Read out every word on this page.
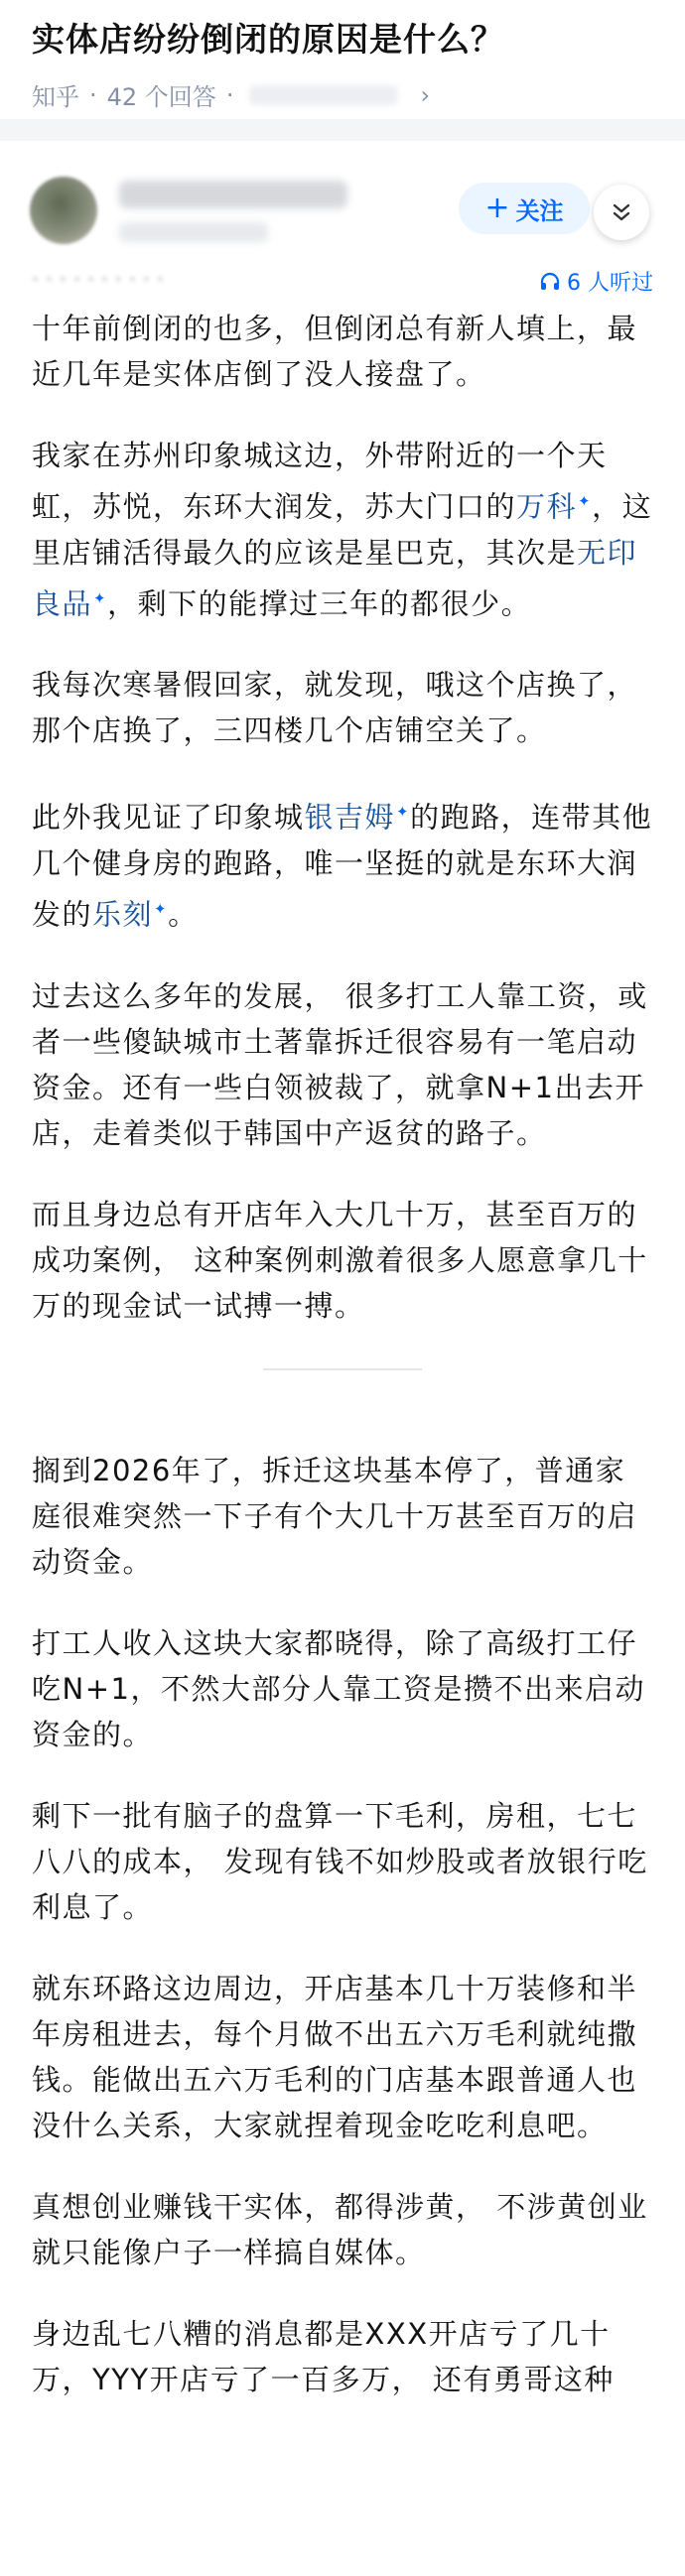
实体店纷纷倒闭的原因是什么？
知乎 · 42 个回答 ·	›
+ 关注
· · · · · · · · · ·	6 人听过

十年前倒闭的也多，但倒闭总有新人填上，最近几年是实体店倒了没人接盘了。

我家在苏州印象城这边，外带附近的一个天虹，苏悦，东环大润发，苏大门口的万科✦，这里店铺活得最久的应该是星巴克，其次是无印良品✦，剩下的能撑过三年的都很少。

我每次寒暑假回家，就发现，哦这个店换了，那个店换了，三四楼几个店铺空关了。

此外我见证了印象城银吉姆✦的跑路，连带其他几个健身房的跑路，唯一坚挺的就是东环大润发的乐刻✦。

过去这么多年的发展， 很多打工人靠工资，或者一些傻缺城市土著靠拆迁很容易有一笔启动资金。还有一些白领被裁了，就拿N+1出去开店，走着类似于韩国中产返贫的路子。

而且身边总有开店年入大几十万，甚至百万的成功案例， 这种案例刺激着很多人愿意拿几十万的现金试一试搏一搏。

搁到2026年了，拆迁这块基本停了，普通家庭很难突然一下子有个大几十万甚至百万的启动资金。

打工人收入这块大家都晓得，除了高级打工仔吃N+1，不然大部分人靠工资是攒不出来启动资金的。

剩下一批有脑子的盘算一下毛利，房租，七七八八的成本， 发现有钱不如炒股或者放银行吃利息了。

就东环路这边周边，开店基本几十万装修和半年房租进去，每个月做不出五六万毛利就纯撒钱。能做出五六万毛利的门店基本跟普通人也没什么关系，大家就捏着现金吃吃利息吧。

真想创业赚钱干实体，都得涉黄， 不涉黄创业就只能像户子一样搞自媒体。

身边乱七八糟的消息都是XXX开店亏了几十万，YYY开店亏了一百多万， 还有勇哥这种
